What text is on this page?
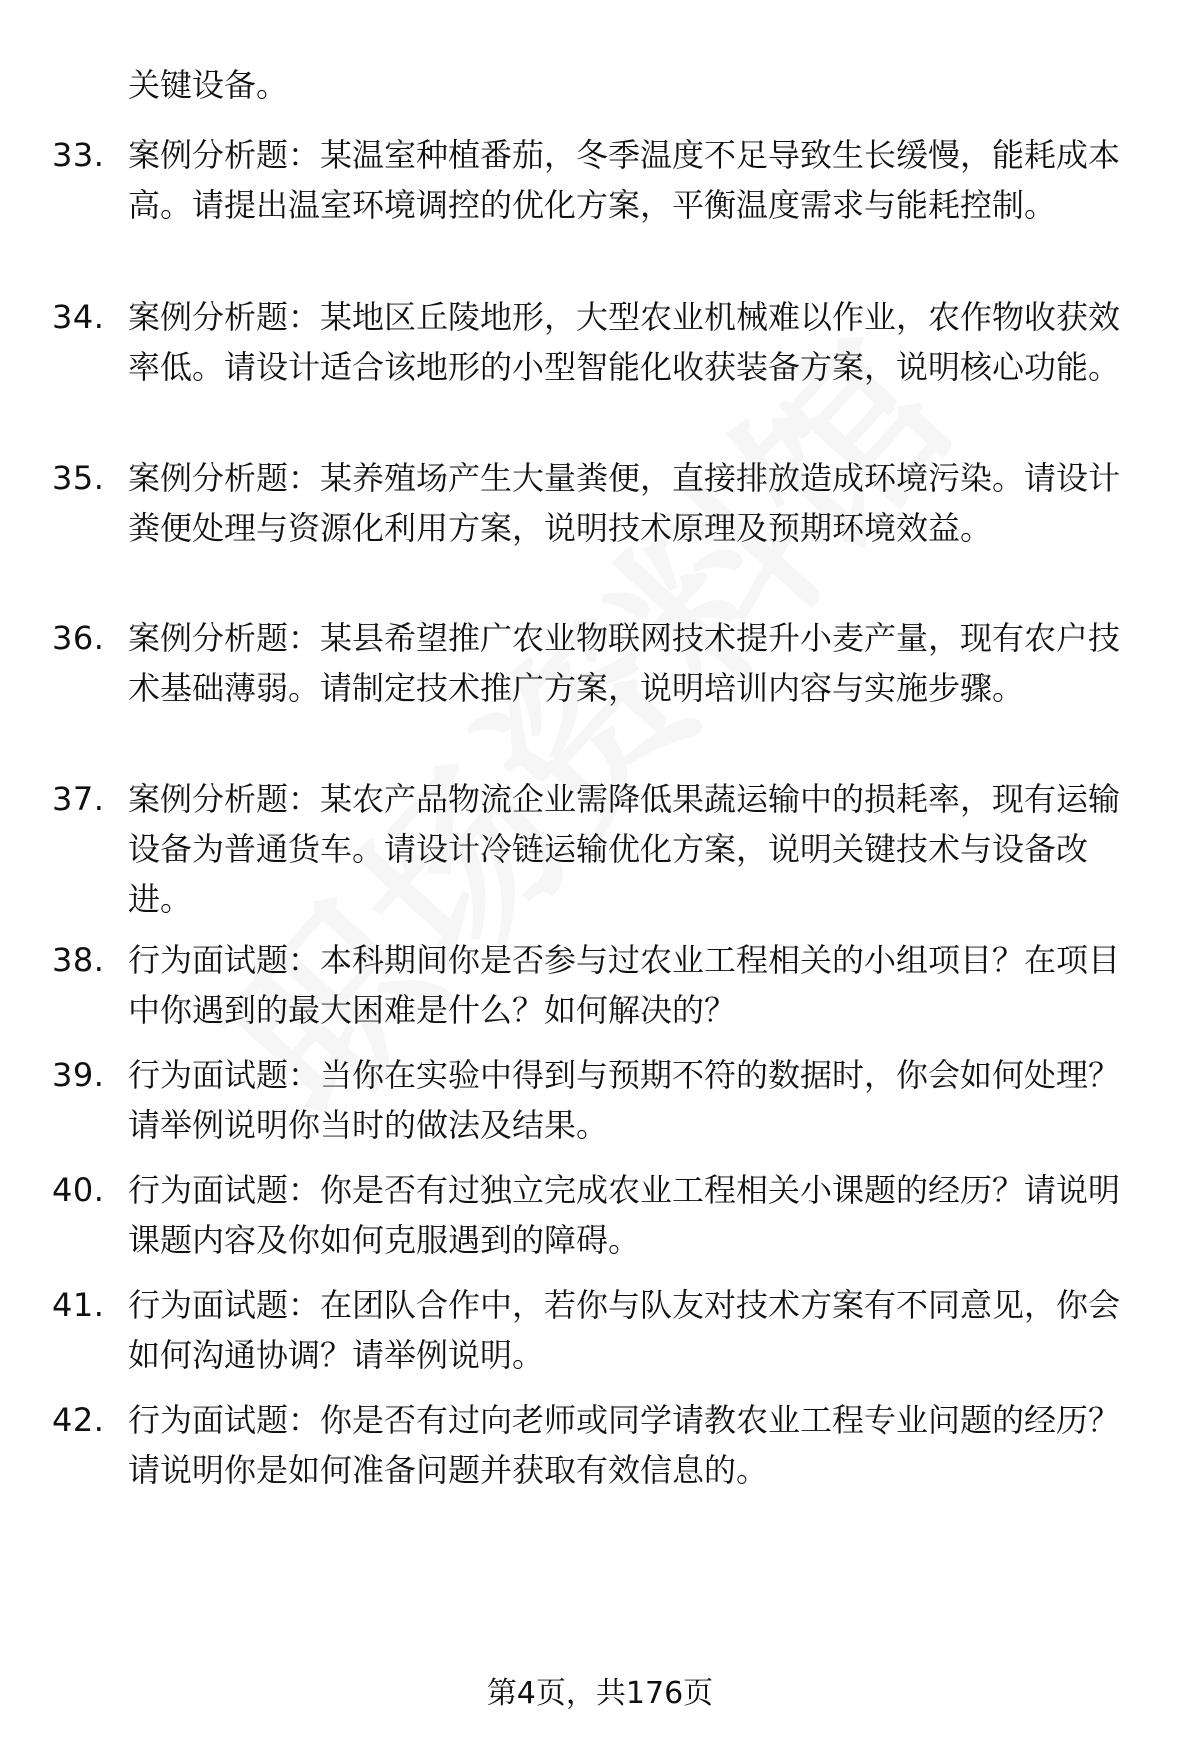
关键设备。
33. 案例分析题：某温室种植番茄，冬季温度不足导致生长缓慢，能耗成本高。请提出温室环境调控的优化方案，平衡温度需求与能耗控制。
34. 案例分析题：某地区丘陵地形，大型农业机械难以作业，农作物收获效率低。请设计适合该地形的小型智能化收获装备方案，说明核心功能。
35. 案例分析题：某养殖场产生大量粪便，直接排放造成环境污染。请设计粪便处理与资源化利用方案，说明技术原理及预期环境效益。
36. 案例分析题：某县希望推广农业物联网技术提升小麦产量，现有农户技术基础薄弱。请制定技术推广方案，说明培训内容与实施步骤。
37. 案例分析题：某农产品物流企业需降低果蔬运输中的损耗率，现有运输设备为普通货车。请设计冷链运输优化方案，说明关键技术与设备改进。
38. 行为面试题：本科期间你是否参与过农业工程相关的小组项目？在项目中你遇到的最大困难是什么？如何解决的？
39. 行为面试题：当你在实验中得到与预期不符的数据时，你会如何处理？请举例说明你当时的做法及结果。
40. 行为面试题：你是否有过独立完成农业工程相关小课题的经历？请说明课题内容及你如何克服遇到的障碍。
41. 行为面试题：在团队合作中，若你与队友对技术方案有不同意见，你会如何沟通协调？请举例说明。
42. 行为面试题：你是否有过向老师或同学请教农业工程专业问题的经历？请说明你是如何准备问题并获取有效信息的。
第4页，共176页
